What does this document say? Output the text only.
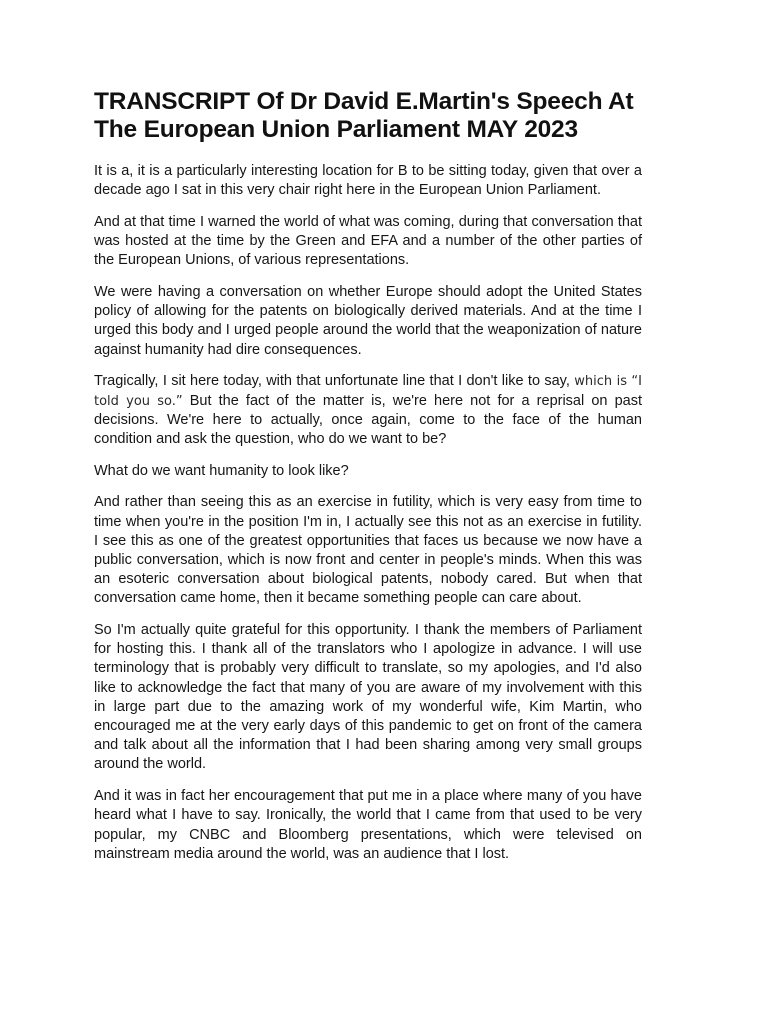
TRANSCRIPT Of Dr David E.Martin's Speech At The European Union Parliament MAY 2023

It is a, it is a particularly interesting location for B to be sitting today, given that over a decade ago I sat in this very chair right here in the European Union Parliament.

And at that time I warned the world of what was coming, during that conversation that was hosted at the time by the Green and EFA and a number of the other parties of the European Unions, of various representations.

We were having a conversation on whether Europe should adopt the United States policy of allowing for the patents on biologically derived materials. And at the time I urged this body and I urged people around the world that the weaponization of nature against humanity had dire consequences.

Tragically, I sit here today, with that unfortunate line that I don't like to say, which is “I told you so.” But the fact of the matter is, we're here not for a reprisal on past decisions. We're here to actually, once again, come to the face of the human condition and ask the question, who do we want to be?

What do we want humanity to look like?

And rather than seeing this as an exercise in futility, which is very easy from time to time when you're in the position I'm in, I actually see this not as an exercise in futility. I see this as one of the greatest opportunities that faces us because we now have a public conversation, which is now front and center in people's minds. When this was an esoteric conversation about biological patents, nobody cared. But when that conversation came home, then it became something people can care about.

So I'm actually quite grateful for this opportunity. I thank the members of Parliament for hosting this. I thank all of the translators who I apologize in advance. I will use terminology that is probably very difficult to translate, so my apologies, and I'd also like to acknowledge the fact that many of you are aware of my involvement with this in large part due to the amazing work of my wonderful wife, Kim Martin, who encouraged me at the very early days of this pandemic to get on front of the camera and talk about all the information that I had been sharing among very small groups around the world.

And it was in fact her encouragement that put me in a place where many of you have heard what I have to say. Ironically, the world that I came from that used to be very popular, my CNBC and Bloomberg presentations, which were televised on mainstream media around the world, was an audience that I lost.
